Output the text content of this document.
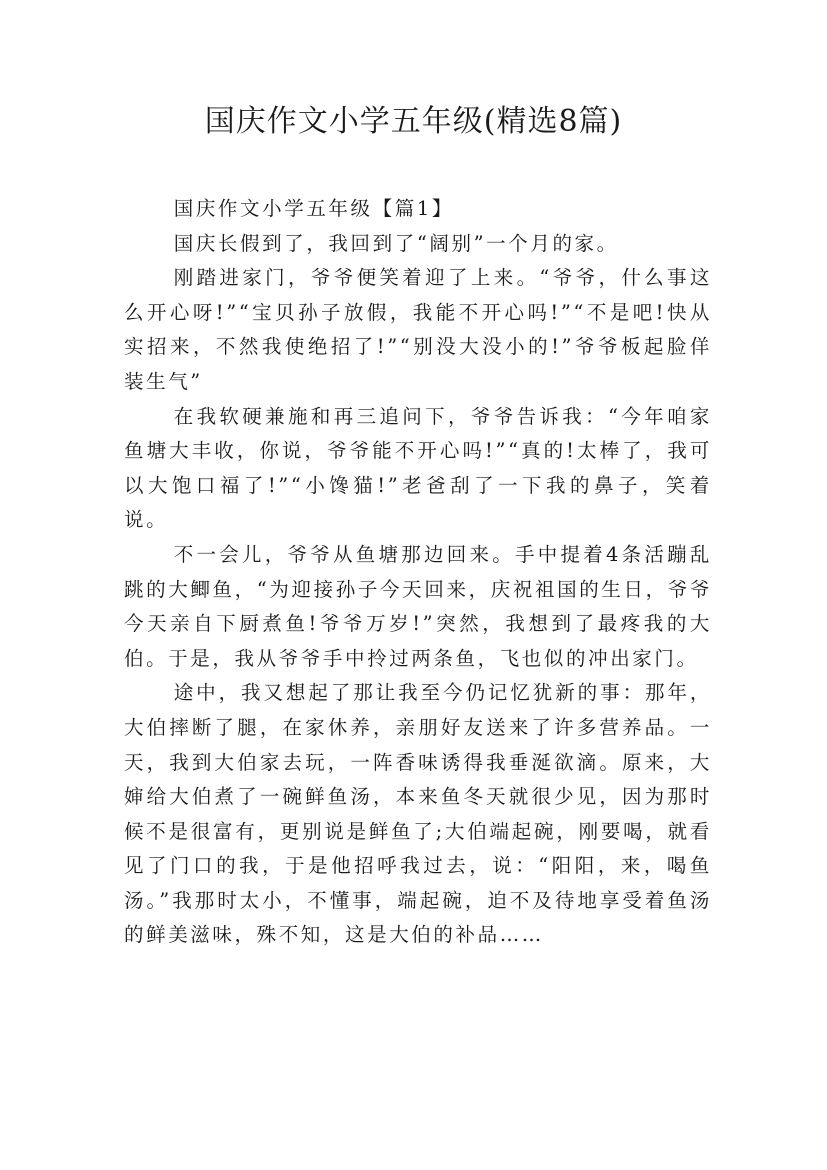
国庆作文小学五年级(精选8篇)

国庆作文小学五年级【篇1】

国庆长假到了，我回到了“阔别”一个月的家。

刚踏进家门，爷爷便笑着迎了上来。“爷爷，什么事这么开心呀!”“宝贝孙子放假，我能不开心吗!”“不是吧!快从实招来，不然我使绝招了!”“别没大没小的!”爷爷板起脸佯装生气”

在我软硬兼施和再三追问下，爷爷告诉我：“今年咱家鱼塘大丰收，你说，爷爷能不开心吗!”“真的!太棒了，我可以大饱口福了!”“小馋猫!”老爸刮了一下我的鼻子，笑着说。

不一会儿，爷爷从鱼塘那边回来。手中提着4条活蹦乱跳的大鲫鱼，“为迎接孙子今天回来，庆祝祖国的生日，爷爷今天亲自下厨煮鱼!爷爷万岁!”突然，我想到了最疼我的大伯。于是，我从爷爷手中拎过两条鱼，飞也似的冲出家门。

途中，我又想起了那让我至今仍记忆犹新的事：那年，大伯摔断了腿，在家休养，亲朋好友送来了许多营养品。一天，我到大伯家去玩，一阵香味诱得我垂涎欲滴。原来，大婶给大伯煮了一碗鲜鱼汤，本来鱼冬天就很少见，因为那时候不是很富有，更别说是鲜鱼了;大伯端起碗，刚要喝，就看见了门口的我，于是他招呼我过去，说：“阳阳，来，喝鱼汤。”我那时太小，不懂事，端起碗，迫不及待地享受着鱼汤的鲜美滋味，殊不知，这是大伯的补品……
